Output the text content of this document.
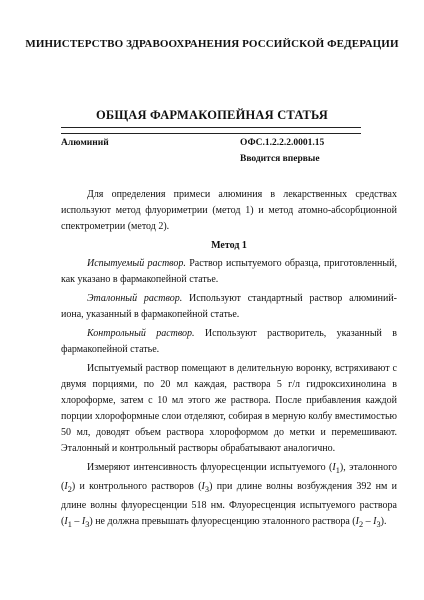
МИНИСТЕРСТВО ЗДРАВООХРАНЕНИЯ РОССИЙСКОЙ ФЕДЕРАЦИИ
ОБЩАЯ ФАРМАКОПЕЙНАЯ СТАТЬЯ
Алюминий	ОФС.1.2.2.2.0001.15
Вводится впервые

Для определения примеси алюминия в лекарственных средствах используют метод флуориметрии (метод 1) и метод атомно-абсорбционной спектрометрии (метод 2).

Метод 1

Испытуемый раствор. Раствор испытуемого образца, приготовленный, как указано в фармакопейной статье.

Эталонный раствор. Используют стандартный раствор алюминий-иона, указанный в фармакопейной статье.

Контрольный раствор. Используют растворитель, указанный в фармакопейной статье.

Испытуемый раствор помещают в делительную воронку, встряхивают с двумя порциями, по 20 мл каждая, раствора 5 г/л гидроксихинолина в хлороформе, затем с 10 мл этого же раствора. После прибавления каждой порции хлороформные слои отделяют, собирая в мерную колбу вместимостью 50 мл, доводят объем раствора хлороформом до метки и перемешивают. Эталонный и контрольный растворы обрабатывают аналогично.

Измеряют интенсивность флуоресценции испытуемого $(I_1)$, эталонного $(I_2)$ и контрольного растворов $(I_3)$ при длине волны возбуждения 392 нм и длине волны флуоресценции 518 нм. Флуоресценция испытуемого раствора $(I_1 - I_3)$ не должна превышать флуоресценцию эталонного раствора $(I_2 - I_3)$.
